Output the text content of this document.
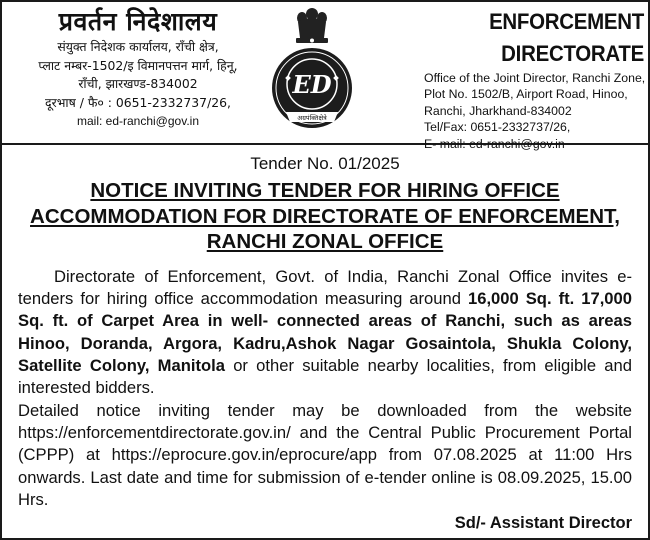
प्रवर्तन निदेशालय
संयुक्त निदेशक कार्यालय, राँची क्षेत्र,
प्लाट नम्बर-1502/इ विमानपत्तन मार्ग, हिनू,
राँची, झारखण्ड-834002
दूरभाष / फै० : 0651-2332737/26,
mail: ed-ranchi@gov.in
ED
अग्रपंक्तिक्षेत्रे
ENFORCEMENT DIRECTORATE
Office of the Joint Director, Ranchi Zone,
Plot No. 1502/B, Airport Road, Hinoo,
Ranchi, Jharkhand-834002
Tel/Fax: 0651-2332737/26,
E- mail: ed-ranchi@gov.in
Tender No. 01/2025
NOTICE INVITING TENDER FOR HIRING OFFICE ACCOMMODATION FOR DIRECTORATE OF ENFORCEMENT, RANCHI ZONAL OFFICE
Directorate of Enforcement, Govt. of India, Ranchi Zonal Office invites e-tenders for hiring office accommodation measuring around 16,000 Sq. ft. 17,000 Sq. ft. of Carpet Area in well- connected areas of Ranchi, such as areas Hinoo, Doranda, Argora, Kadru,Ashok Nagar Gosaintola, Shukla Colony, Satellite Colony, Manitola or other suitable nearby localities, from eligible and interested bidders.
Detailed notice inviting tender may be downloaded from the website https://enforcementdirectorate.gov.in/ and the Central Public Procurement Portal (CPPP) at https://eprocure.gov.in/eprocure/app from 07.08.2025 at 11:00 Hrs onwards. Last date and time for submission of e-tender online is 08.09.2025, 15.00 Hrs.
Sd/- Assistant Director
